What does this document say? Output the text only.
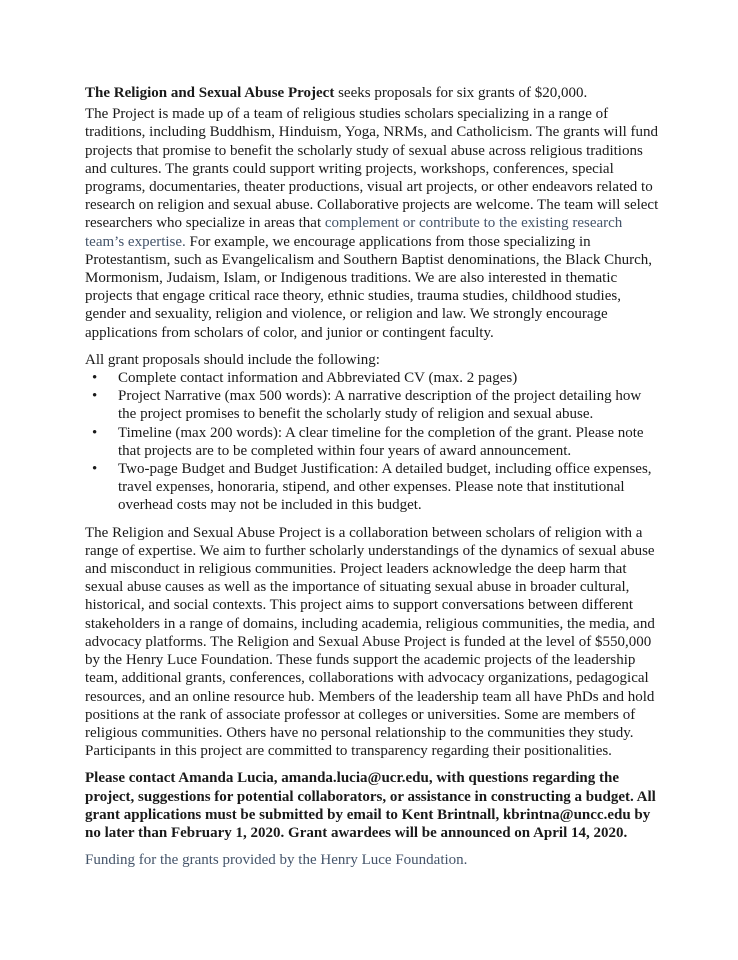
The Religion and Sexual Abuse Project seeks proposals for six grants of $20,000.

The Project is made up of a team of religious studies scholars specializing in a range of traditions, including Buddhism, Hinduism, Yoga, NRMs, and Catholicism. The grants will fund projects that promise to benefit the scholarly study of sexual abuse across religious traditions and cultures. The grants could support writing projects, workshops, conferences, special programs, documentaries, theater productions, visual art projects, or other endeavors related to research on religion and sexual abuse. Collaborative projects are welcome. The team will select researchers who specialize in areas that complement or contribute to the existing research team’s expertise. For example, we encourage applications from those specializing in Protestantism, such as Evangelicalism and Southern Baptist denominations, the Black Church, Mormonism, Judaism, Islam, or Indigenous traditions. We are also interested in thematic projects that engage critical race theory, ethnic studies, trauma studies, childhood studies, gender and sexuality, religion and violence, or religion and law. We strongly encourage applications from scholars of color, and junior or contingent faculty.

All grant proposals should include the following:

• Complete contact information and Abbreviated CV (max. 2 pages)
• Project Narrative (max 500 words): A narrative description of the project detailing how the project promises to benefit the scholarly study of religion and sexual abuse.
• Timeline (max 200 words): A clear timeline for the completion of the grant. Please note that projects are to be completed within four years of award announcement.
• Two-page Budget and Budget Justification: A detailed budget, including office expenses, travel expenses, honoraria, stipend, and other expenses. Please note that institutional overhead costs may not be included in this budget.

The Religion and Sexual Abuse Project is a collaboration between scholars of religion with a range of expertise. We aim to further scholarly understandings of the dynamics of sexual abuse and misconduct in religious communities. Project leaders acknowledge the deep harm that sexual abuse causes as well as the importance of situating sexual abuse in broader cultural, historical, and social contexts. This project aims to support conversations between different stakeholders in a range of domains, including academia, religious communities, the media, and advocacy platforms. The Religion and Sexual Abuse Project is funded at the level of $550,000 by the Henry Luce Foundation. These funds support the academic projects of the leadership team, additional grants, conferences, collaborations with advocacy organizations, pedagogical resources, and an online resource hub. Members of the leadership team all have PhDs and hold positions at the rank of associate professor at colleges or universities. Some are members of religious communities. Others have no personal relationship to the communities they study. Participants in this project are committed to transparency regarding their positionalities.

Please contact Amanda Lucia, amanda.lucia@ucr.edu, with questions regarding the project, suggestions for potential collaborators, or assistance in constructing a budget. All grant applications must be submitted by email to Kent Brintnall, kbrintna@uncc.edu by no later than February 1, 2020. Grant awardees will be announced on April 14, 2020.

Funding for the grants provided by the Henry Luce Foundation.
